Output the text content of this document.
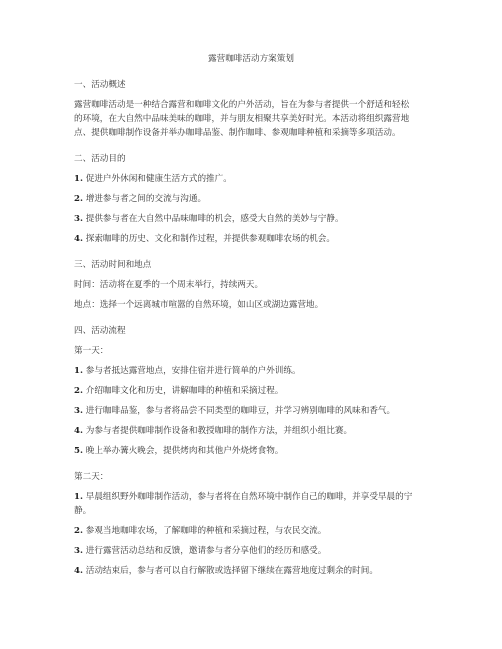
露营咖啡活动方案策划
一、活动概述
露营咖啡活动是一种结合露营和咖啡文化的户外活动，旨在为参与者提供一个舒适和轻松
的环境，在大自然中品味美味的咖啡，并与朋友相聚共享美好时光。本活动将组织露营地
点、提供咖啡制作设备并举办咖啡品鉴、制作咖啡、参观咖啡种植和采摘等多项活动。
二、活动目的
1. 促进户外休闲和健康生活方式的推广。
2. 增进参与者之间的交流与沟通。
3. 提供参与者在大自然中品味咖啡的机会，感受大自然的美妙与宁静。
4. 探索咖啡的历史、文化和制作过程，并提供参观咖啡农场的机会。
三、活动时间和地点
时间：活动将在夏季的一个周末举行，持续两天。
地点：选择一个远离城市喧嚣的自然环境，如山区或湖边露营地。
四、活动流程
第一天：
1. 参与者抵达露营地点，安排住宿并进行简单的户外训练。
2. 介绍咖啡文化和历史，讲解咖啡的种植和采摘过程。
3. 进行咖啡品鉴，参与者将品尝不同类型的咖啡豆，并学习辨别咖啡的风味和香气。
4. 为参与者提供咖啡制作设备和教授咖啡的制作方法，并组织小组比赛。
5. 晚上举办篝火晚会，提供烤肉和其他户外烧烤食物。
第二天：
1. 早晨组织野外咖啡制作活动，参与者将在自然环境中制作自己的咖啡，并享受早晨的宁
静。
2. 参观当地咖啡农场，了解咖啡的种植和采摘过程，与农民交流。
3. 进行露营活动总结和反馈，邀请参与者分享他们的经历和感受。
4. 活动结束后，参与者可以自行解散或选择留下继续在露营地度过剩余的时间。
